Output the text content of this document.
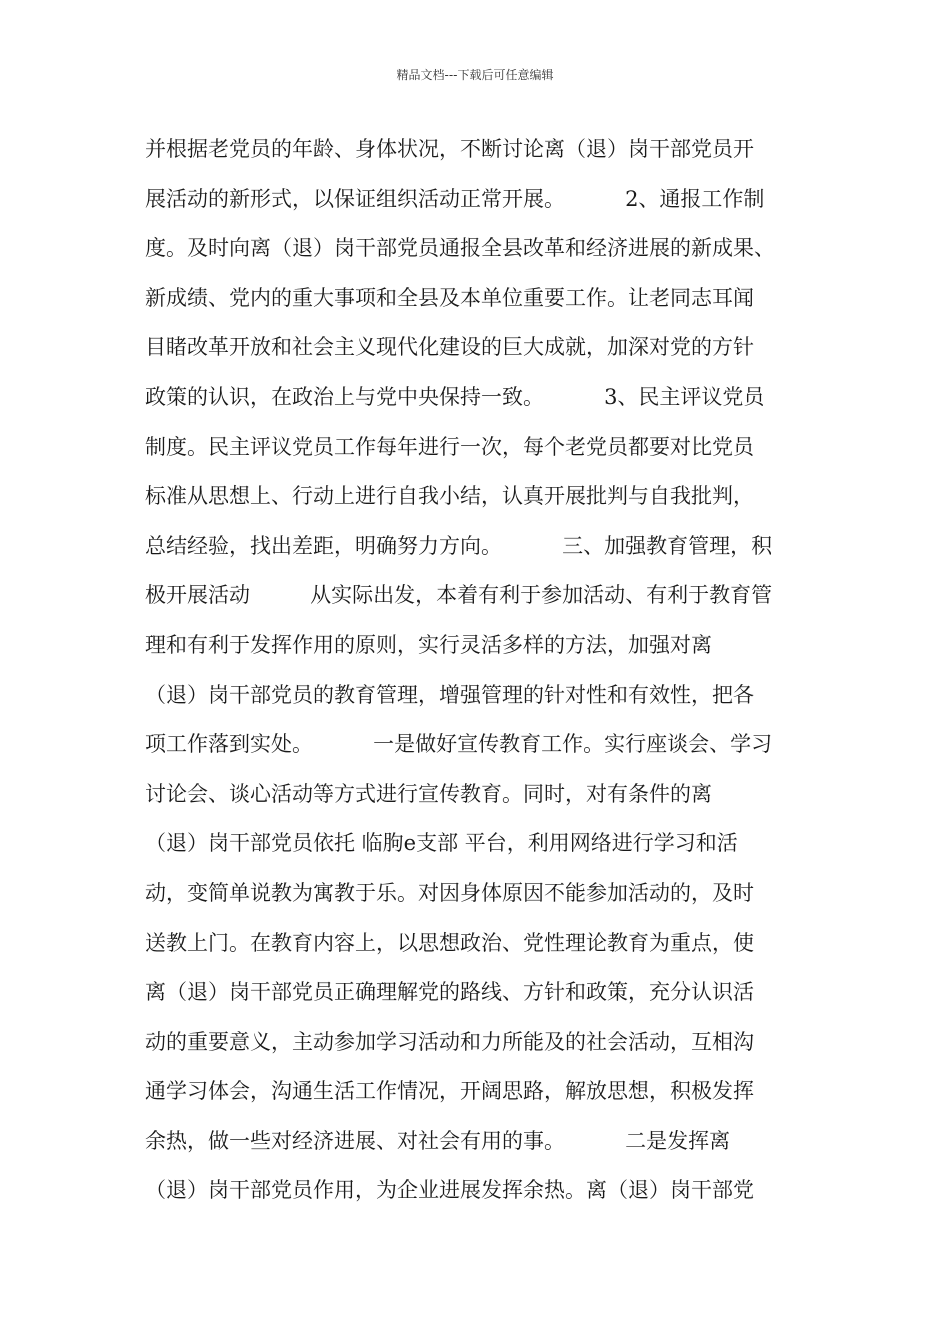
精品文档---下载后可任意编辑
并根据老党员的年龄、身体状况，不断讨论离（退）岗干部党员开
展活动的新形式，以保证组织活动正常开展。         2、通报工作制
度。及时向离（退）岗干部党员通报全县改革和经济进展的新成果、
新成绩、党内的重大事项和全县及本单位重要工作。让老同志耳闻
目睹改革开放和社会主义现代化建设的巨大成就，加深对党的方针
政策的认识，在政治上与党中央保持一致。         3、民主评议党员
制度。民主评议党员工作每年进行一次，每个老党员都要对比党员
标准从思想上、行动上进行自我小结，认真开展批判与自我批判，
总结经验，找出差距，明确努力方向。         三、加强教育管理，积
极开展活动         从实际出发，本着有利于参加活动、有利于教育管
理和有利于发挥作用的原则，实行灵活多样的方法，加强对离
（退）岗干部党员的教育管理，增强管理的针对性和有效性，把各
项工作落到实处。         一是做好宣传教育工作。实行座谈会、学习
讨论会、谈心活动等方式进行宣传教育。同时，对有条件的离
（退）岗干部党员依托 临朐e支部 平台，利用网络进行学习和活
动，变简单说教为寓教于乐。对因身体原因不能参加活动的，及时
送教上门。在教育内容上，以思想政治、党性理论教育为重点，使
离（退）岗干部党员正确理解党的路线、方针和政策，充分认识活
动的重要意义，主动参加学习活动和力所能及的社会活动，互相沟
通学习体会，沟通生活工作情况，开阔思路，解放思想，积极发挥
余热，做一些对经济进展、对社会有用的事。         二是发挥离
（退）岗干部党员作用，为企业进展发挥余热。离（退）岗干部党
